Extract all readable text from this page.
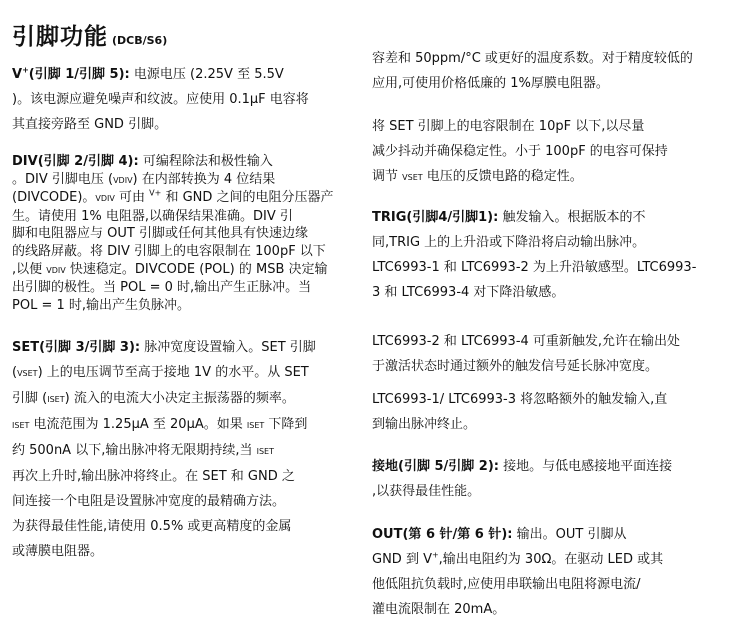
引脚功能 (DCB/S6)

V+(引脚 1/引脚 5): 电源电压 (2.25V 至 5.5V

)。该电源应避免噪声和纹波。应使用 0.1μF 电容将

其直接旁路至 GND 引脚。

DIV(引脚 2/引脚 4): 可编程除法和极性输入

。DIV 引脚电压 (VDIV) 在内部转换为 4 位结果

(DIVCODE)。VDIV 可由 $^{V+}$ 和 GND 之间的电阻分压器产

生。请使用 1% 电阻器,以确保结果准确。DIV 引

脚和电阻器应与 OUT 引脚或任何其他具有快速边缘

的线路屏蔽。将 DIV 引脚上的电容限制在 100pF 以下

,以便 VDIV 快速稳定。DIVCODE (POL) 的 MSB 决定输

出引脚的极性。当 POL = 0 时,输出产生正脉冲。当

POL = 1 时,输出产生负脉冲。

SET(引脚 3/引脚 3): 脉冲宽度设置输入。SET 引脚

(VSET) 上的电压调节至高于接地 1V 的水平。从 SET

引脚 (ISET) 流入的电流大小决定主振荡器的频率。

ISET 电流范围为 1.25μA 至 20μA。如果 ISET 下降到

约 500nA 以下,输出脉冲将无限期持续,当 ISET

再次上升时,输出脉冲将终止。在 SET 和 GND 之

间连接一个电阻是设置脉冲宽度的最精确方法。

为获得最佳性能,请使用 0.5% 或更高精度的金属

或薄膜电阻器。

容差和 50ppm/°C 或更好的温度系数。对于精度较低的

应用,可使用价格低廉的 1%厚膜电阻器。

将 SET 引脚上的电容限制在 10pF 以下,以尽量

减少抖动并确保稳定性。小于 100pF 的电容可保持

调节 VSET 电压的反馈电路的稳定性。

TRIG(引脚4/引脚1): 触发输入。根据版本的不

同,TRIG 上的上升沿或下降沿将启动输出脉冲。

LTC6993-1 和 LTC6993-2 为上升沿敏感型。LTC6993-

3 和 LTC6993-4 对下降沿敏感。

LTC6993-2 和 LTC6993-4 可重新触发,允许在输出处

于激活状态时通过额外的触发信号延长脉冲宽度。

LTC6993-1/ LTC6993-3 将忽略额外的触发输入,直

到输出脉冲终止。

接地(引脚 5/引脚 2): 接地。与低电感接地平面连接

,以获得最佳性能。

OUT(第 6 针/第 6 针): 输出。OUT 引脚从

GND 到 V+,输出电阻约为 30Ω。在驱动 LED 或其

他低阻抗负载时,应使用串联输出电阻将源电流/

灌电流限制在 20mA。
